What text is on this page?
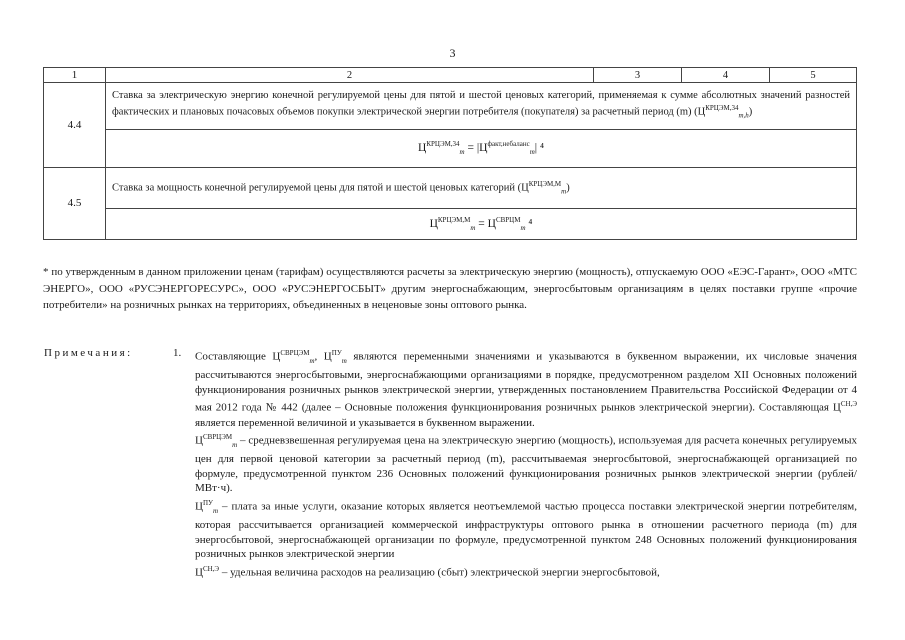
3
1	2	3	4	5
4.4	Ставка за электрическую энергию конечной регулируемой цены для пятой и шестой ценовых категорий, применяемая к сумме абсолютных значений разностей фактических и плановых почасовых объемов покупки электрической энергии потребителя (покупателя) за расчетный период (m) $(Ц^{КРЦЭМ,34}_{m,h})$			
	$Ц^{КРЦЭМ,34}_m = |Ц^{факт,небаланс}_m|$ ⁴			
4.5	Ставка за мощность конечной регулируемой цены для пятой и шестой ценовых категорий $(Ц^{КРЦЭМ,М}_m)$			
	$Ц^{КРЦЭМ,М}_m = Ц^{СВРЦМ}_m$ ⁴			
* по утвержденным в данном приложении ценам (тарифам) осуществляются расчеты за электрическую энергию (мощность), отпускаемую ООО «ЕЭС-Гарант», ООО «МТС ЭНЕРГО», ООО «РУСЭНЕРГОРЕСУРС», ООО «РУСЭНЕРГОСБЫТ» другим энергоснабжающим, энергосбытовым организациям в целях поставки группе «прочие потребители» на розничных рынках на территориях, объединенных в неценовые зоны оптового рынка.
Примечания:	1. Составляющие $Ц^{СВРЦЭМ}_m$, $Ц^{ПУ}_m$ являются переменными значениями и указываются в буквенном выражении, их числовые значения рассчитываются энергосбытовыми, энергоснабжающими организациями в порядке, предусмотренном разделом XII Основных положений функционирования розничных рынков электрической энергии, утвержденных постановлением Правительства Российской Федерации от 4 мая 2012 года № 442 (далее – Основные положения функционирования розничных рынков электрической энергии). Составляющая $Ц^{СН,Э}$ является переменной величиной и указывается в буквенном выражении.

$Ц^{СВРЦЭМ}_m$ – средневзвешенная регулируемая цена на электрическую энергию (мощность), используемая для расчета конечных регулируемых цен для первой ценовой категории за расчетный период (m), рассчитываемая энергосбытовой, энергоснабжающей организацией по формуле, предусмотренной пунктом 236 Основных положений функционирования розничных рынков электрической энергии (рублей/МВт·ч).

$Ц^{ПУ}_m$ – плата за иные услуги, оказание которых является неотъемлемой частью процесса поставки электрической энергии потребителям, которая рассчитывается организацией коммерческой инфраструктуры оптового рынка в отношении расчетного периода (m) для энергосбытовой, энергоснабжающей организации по формуле, предусмотренной пунктом 248 Основных положений функционирования розничных рынков электрической энергии

$Ц^{СН,Э}$ – удельная величина расходов на реализацию (сбыт) электрической энергии энергосбытовой,
